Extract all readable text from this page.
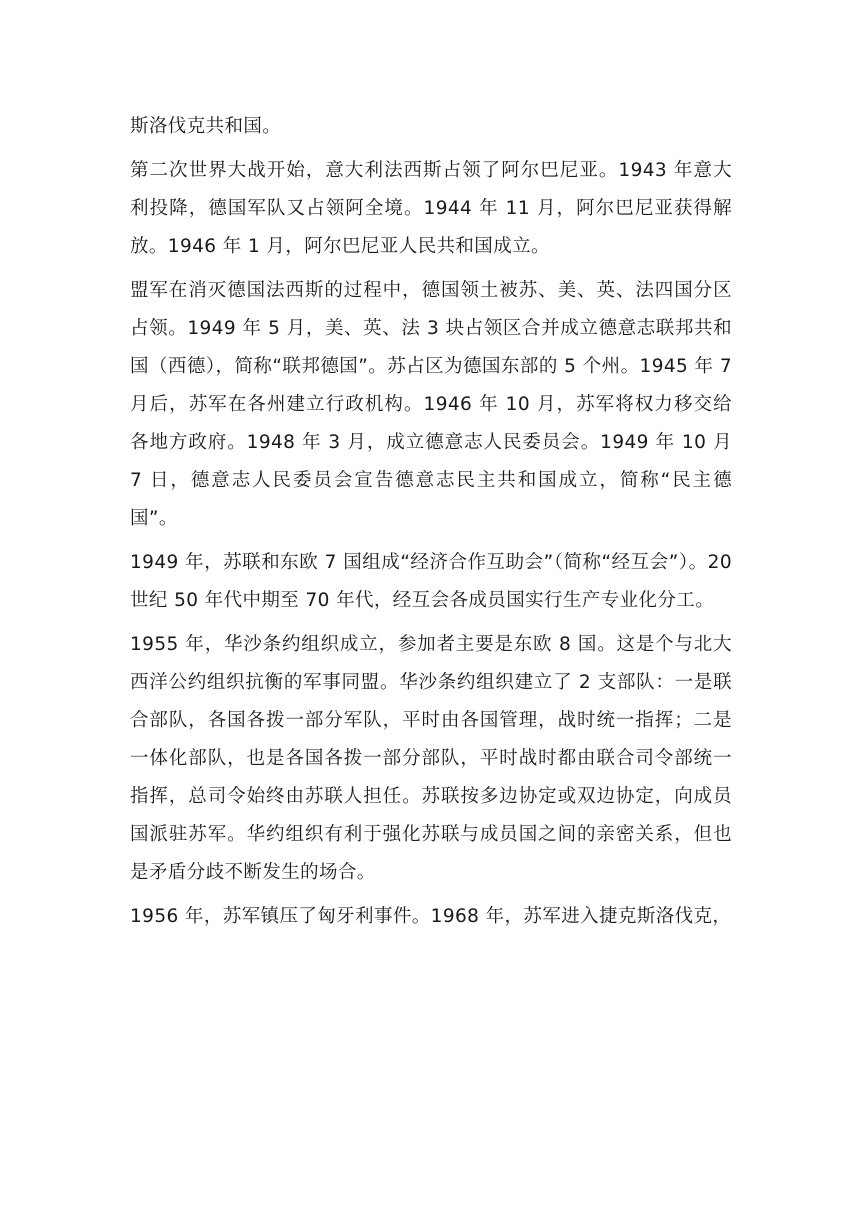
斯洛伐克共和国。

第二次世界大战开始，意大利法西斯占领了阿尔巴尼亚。1943 年意大利投降，德国军队又占领阿全境。1944 年 11 月，阿尔巴尼亚获得解放。1946 年 1 月，阿尔巴尼亚人民共和国成立。

盟军在消灭德国法西斯的过程中，德国领土被苏、美、英、法四国分区占领。1949 年 5 月，美、英、法 3 块占领区合并成立德意志联邦共和国（西德），简称“联邦德国”。苏占区为德国东部的 5 个州。1945 年 7 月后，苏军在各州建立行政机构。1946 年 10 月，苏军将权力移交给各地方政府。1948 年 3 月，成立德意志人民委员会。1949 年 10 月 7 日，德意志人民委员会宣告德意志民主共和国成立，简称“民主德国”。

1949 年，苏联和东欧 7 国组成“经济合作互助会”（简称“经互会”）。20 世纪 50 年代中期至 70 年代，经互会各成员国实行生产专业化分工。

1955 年，华沙条约组织成立，参加者主要是东欧 8 国。这是个与北大西洋公约组织抗衡的军事同盟。华沙条约组织建立了 2 支部队：一是联合部队，各国各拨一部分军队，平时由各国管理，战时统一指挥；二是一体化部队，也是各国各拨一部分部队，平时战时都由联合司令部统一指挥，总司令始终由苏联人担任。苏联按多边协定或双边协定，向成员国派驻苏军。华约组织有利于强化苏联与成员国之间的亲密关系，但也是矛盾分歧不断发生的场合。

1956 年，苏军镇压了匈牙利事件。1968 年，苏军进入捷克斯洛伐克，
